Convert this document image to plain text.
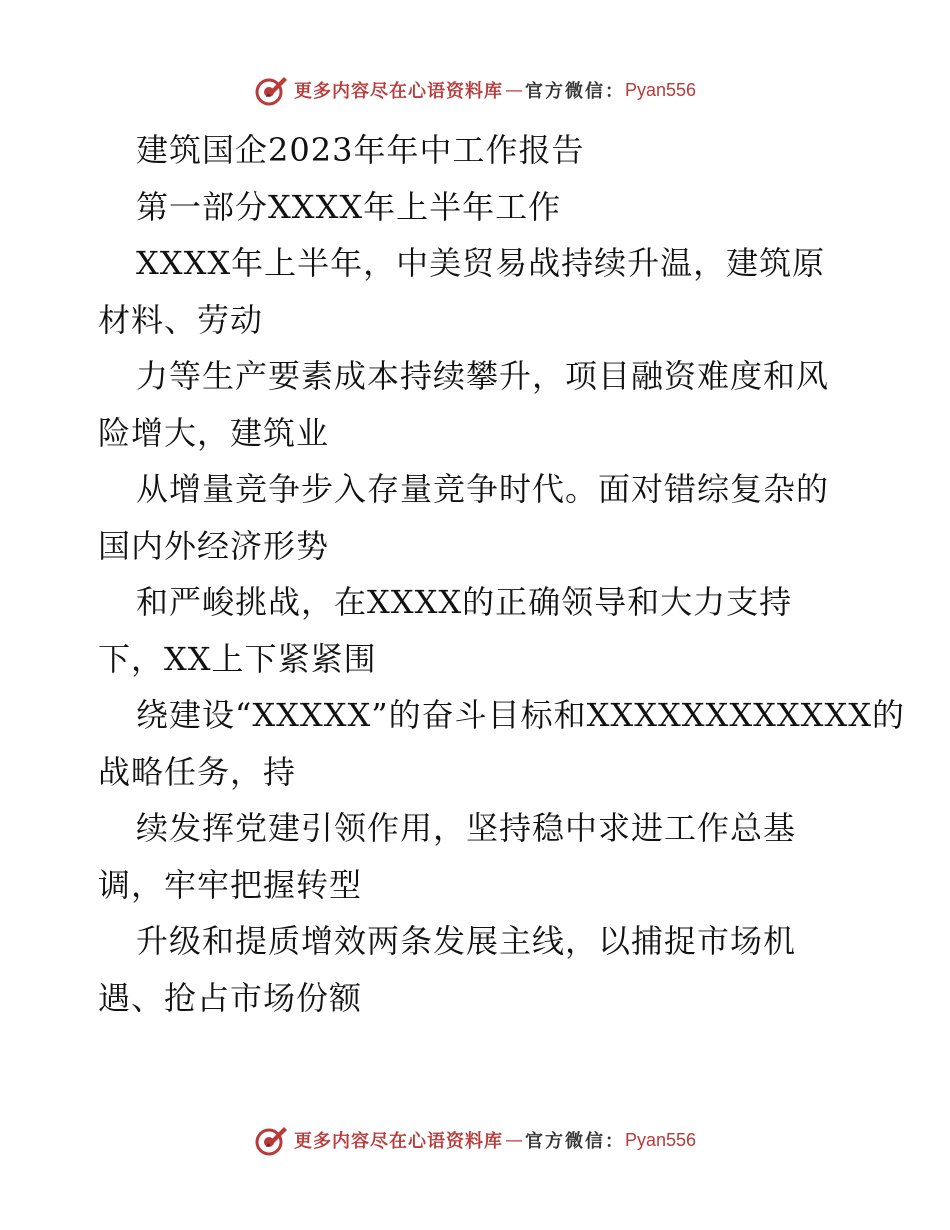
更多内容尽在心语资料库 — 官方微信： Pyan556
建筑国企2023年年中工作报告
第一部分XXXX年上半年工作
XXXX年上半年，中美贸易战持续升温，建筑原
材料、劳动
力等生产要素成本持续攀升，项目融资难度和风
险增大，建筑业
从增量竞争步入存量竞争时代。面对错综复杂的
国内外经济形势
和严峻挑战，在XXXX的正确领导和大力支持
下，XX上下紧紧围
绕建设“XXXXX”的奋斗目标和XXXXXXXXXXXX的
战略任务，持
续发挥党建引领作用，坚持稳中求进工作总基
调，牢牢把握转型
升级和提质增效两条发展主线，以捕捉市场机
遇、抢占市场份额
更多内容尽在心语资料库 — 官方微信： Pyan556
